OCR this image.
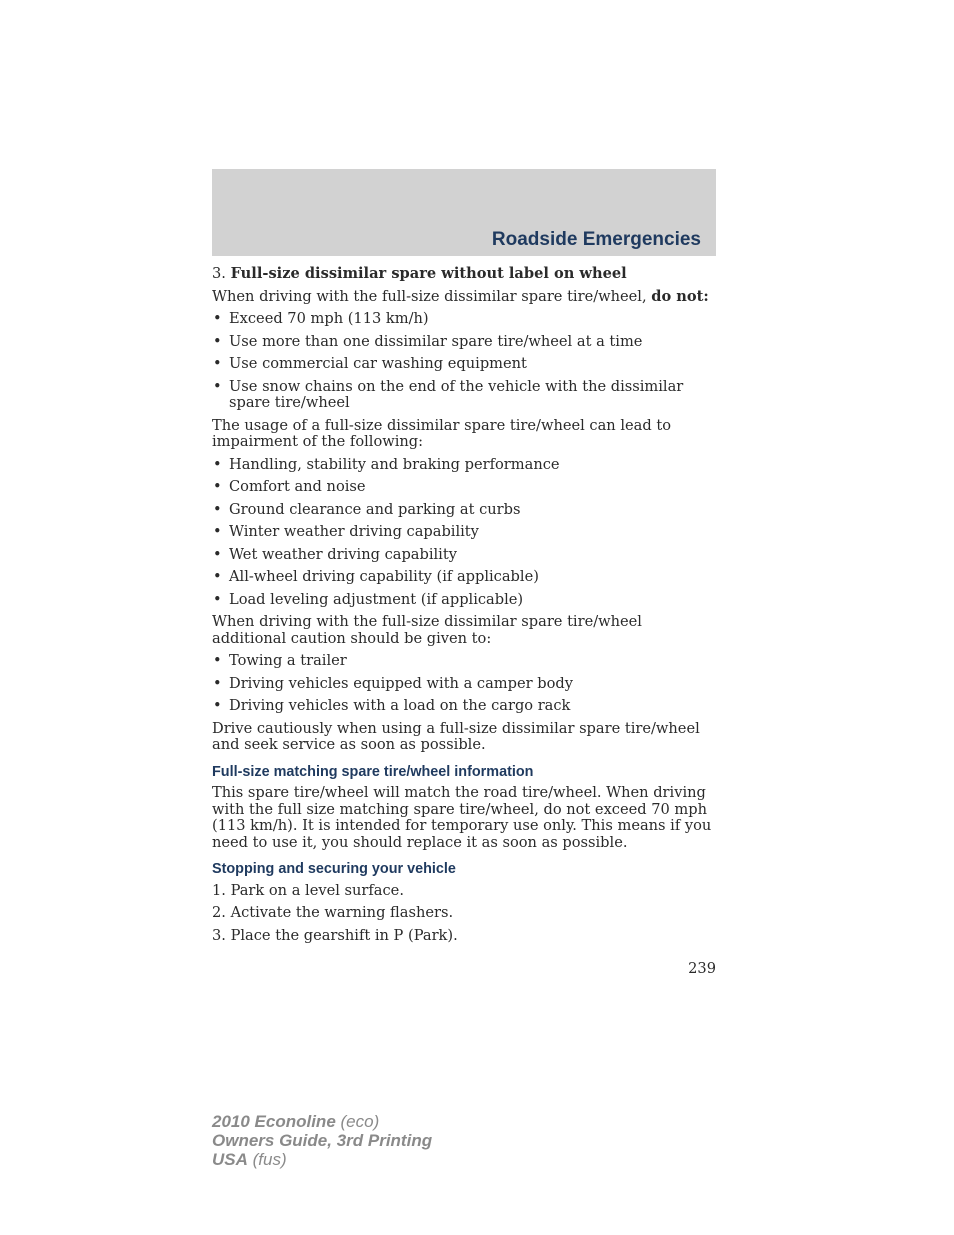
Roadside Emergencies

3. Full-size dissimilar spare without label on wheel

When driving with the full-size dissimilar spare tire/wheel, do not:

• Exceed 70 mph (113 km/h)
• Use more than one dissimilar spare tire/wheel at a time
• Use commercial car washing equipment
• Use snow chains on the end of the vehicle with the dissimilar spare tire/wheel

The usage of a full-size dissimilar spare tire/wheel can lead to impairment of the following:

• Handling, stability and braking performance
• Comfort and noise
• Ground clearance and parking at curbs
• Winter weather driving capability
• Wet weather driving capability
• All-wheel driving capability (if applicable)
• Load leveling adjustment (if applicable)

When driving with the full-size dissimilar spare tire/wheel additional caution should be given to:

• Towing a trailer
• Driving vehicles equipped with a camper body
• Driving vehicles with a load on the cargo rack

Drive cautiously when using a full-size dissimilar spare tire/wheel and seek service as soon as possible.

Full-size matching spare tire/wheel information

This spare tire/wheel will match the road tire/wheel. When driving with the full size matching spare tire/wheel, do not exceed 70 mph (113 km/h). It is intended for temporary use only. This means if you need to use it, you should replace it as soon as possible.

Stopping and securing your vehicle

1. Park on a level surface.

2. Activate the warning flashers.

3. Place the gearshift in P (Park).

239
2010 Econoline (eco)
Owners Guide, 3rd Printing
USA (fus)
